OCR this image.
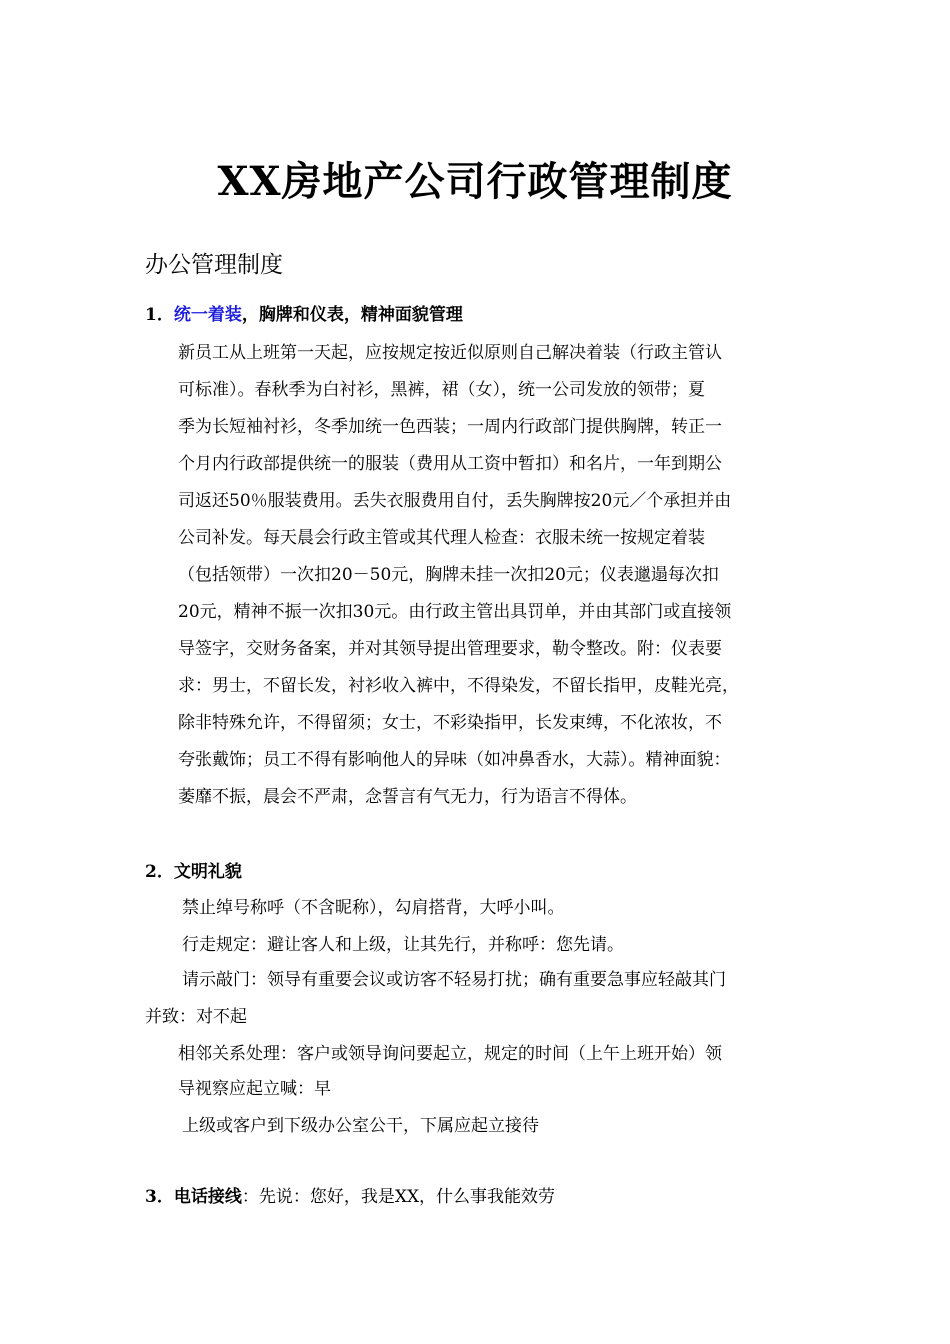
XX房地产公司行政管理制度
办公管理制度
1．统一着装，胸牌和仪表，精神面貌管理
新员工从上班第一天起，应按规定按近似原则自己解决着装（行政主管认
可标准）。春秋季为白衬衫，黑裤，裙（女），统一公司发放的领带；夏
季为长短袖衬衫，冬季加统一色西装；一周内行政部门提供胸牌，转正一
个月内行政部提供统一的服装（费用从工资中暂扣）和名片，一年到期公
司返还50％服装费用。丢失衣服费用自付，丢失胸牌按20元／个承担并由
公司补发。每天晨会行政主管或其代理人检查：衣服未统一按规定着装
（包括领带）一次扣20－50元，胸牌未挂一次扣20元；仪表邋遢每次扣
20元，精神不振一次扣30元。由行政主管出具罚单，并由其部门或直接领
导签字，交财务备案，并对其领导提出管理要求，勒令整改。附：仪表要
求：男士，不留长发，衬衫收入裤中，不得染发，不留长指甲，皮鞋光亮，
除非特殊允许，不得留须；女士，不彩染指甲，长发束缚，不化浓妆，不
夸张戴饰；员工不得有影响他人的异味（如冲鼻香水，大蒜）。精神面貌：
萎靡不振，晨会不严肃，念誓言有气无力，行为语言不得体。
2．文明礼貌
禁止绰号称呼（不含昵称），勾肩搭背，大呼小叫。
行走规定：避让客人和上级，让其先行，并称呼：您先请。
请示敲门：领导有重要会议或访客不轻易打扰；确有重要急事应轻敲其门
并致：对不起
相邻关系处理：客户或领导询问要起立，规定的时间（上午上班开始）领
导视察应起立喊：早
上级或客户到下级办公室公干，下属应起立接待
3．电话接线：先说：您好，我是XX，什么事我能效劳
